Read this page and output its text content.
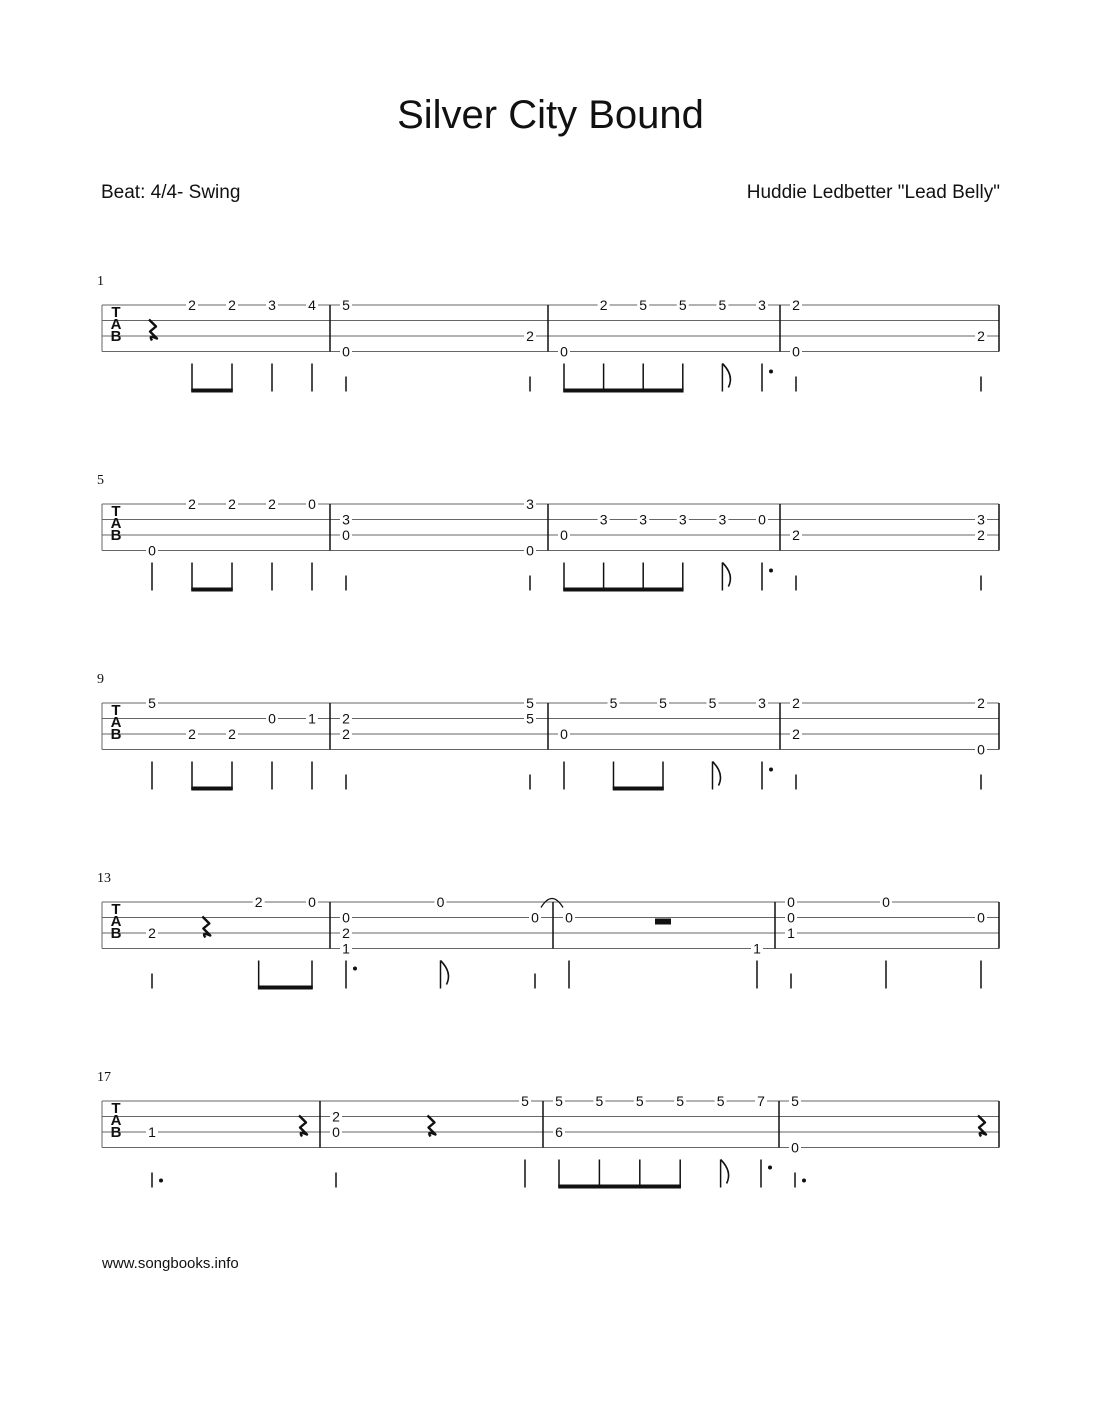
Silver City Bound
Beat: 4/4- Swing	Huddie Ledbetter "Lead Belly"
1
T
A
B
2 2 3 4 5
0
2
0
2 5 5 5 3 2
0
2
5
T
A
B
0
2 2 2 0
3
0
3
0
0
3 3 3 3 0
2
3
2
9
T
A
B
5
2 2
0 1 2
2
5
5
0
5	5	5	3 2
2
2
0
13
T
A
B 2
2	0
0
2
1
0
0 0
1
0
0
1
0
0
17
T
A
B 1
2
0
5 5
6
5 5 5 5 7 5
0
www.songbooks.info
